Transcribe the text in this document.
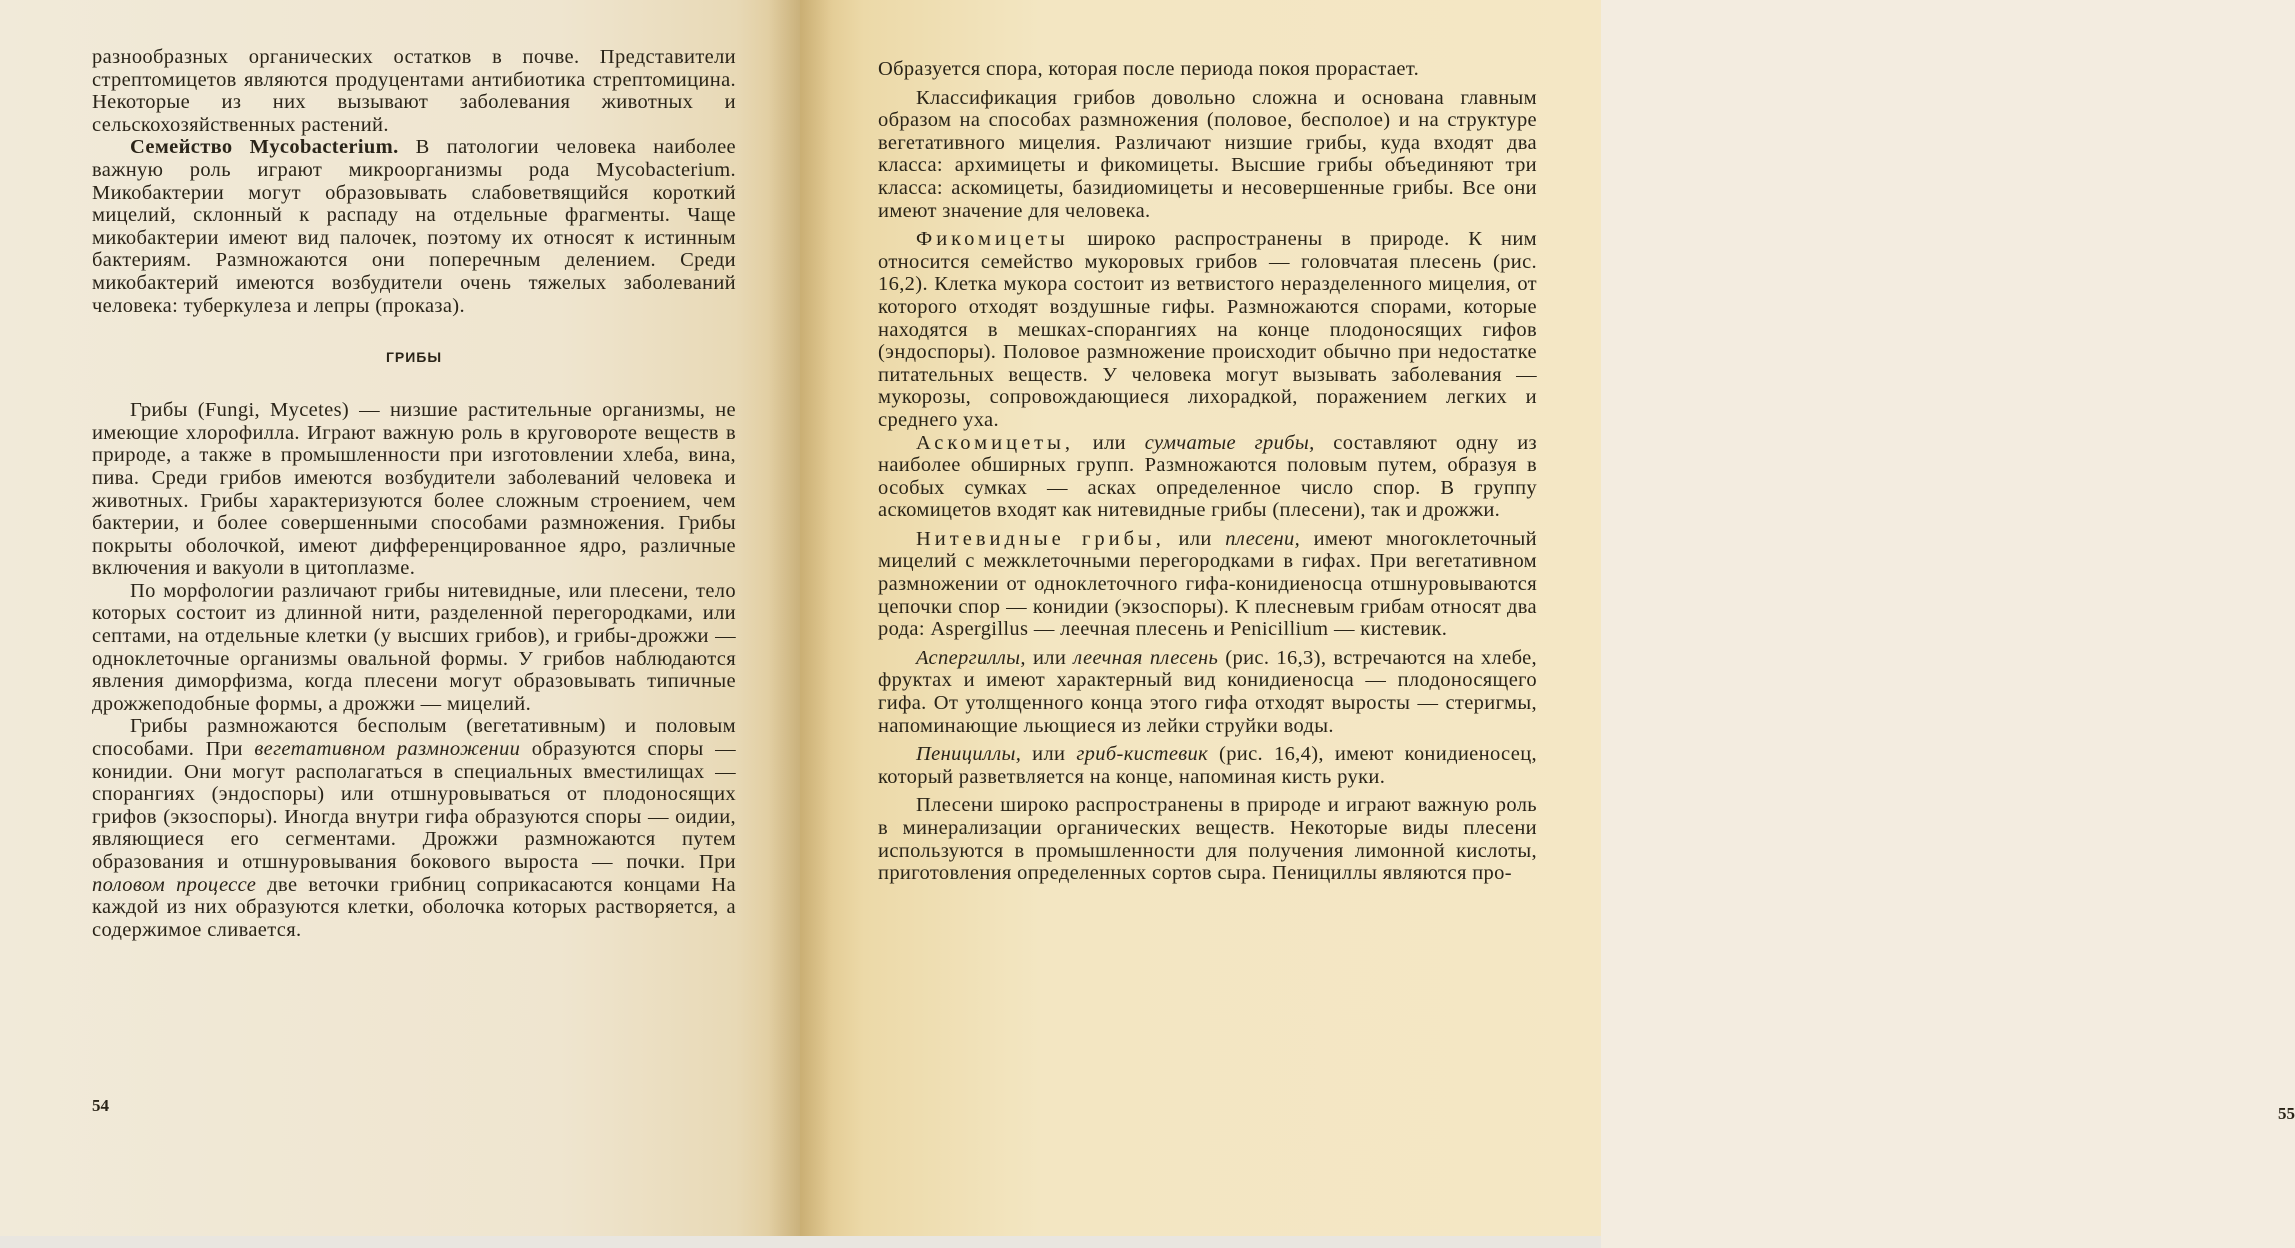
разнообразных органических остатков в почве. Представители стрептомицетов являются продуцентами антибиотика стрептомицина. Некоторые из них вызывают заболевания животных и сельскохозяйственных растений.

Семейство Mycobacterium. В патологии человека наиболее важную роль играют микроорганизмы рода Mycobacterium. Микобактерии могут образовывать слабоветвящийся короткий мицелий, склонный к распаду на отдельные фрагменты. Чаще микобактерии имеют вид палочек, поэтому их относят к истинным бактериям. Размножаются они поперечным делением. Среди микобактерий имеются возбудители очень тяжелых заболеваний человека: туберкулеза и лепры (проказа).

ГРИБЫ

Грибы (Fungi, Mycetes) — низшие растительные организмы, не имеющие хлорофилла. Играют важную роль в круговороте веществ в природе, а также в промышленности при изготовлении хлеба, вина, пива. Среди грибов имеются возбудители заболеваний человека и животных. Грибы характеризуются более сложным строением, чем бактерии, и более совершенными способами размножения. Грибы покрыты оболочкой, имеют дифференцированное ядро, различные включения и вакуоли в цитоплазме.

По морфологии различают грибы нитевидные, или плесени, тело которых состоит из длинной нити, разделенной перегородками, или септами, на отдельные клетки (у высших грибов), и грибы-дрожжи — одноклеточные организмы овальной формы. У грибов наблюдаются явления диморфизма, когда плесени могут образовывать типичные дрожжеподобные формы, а дрожжи — мицелий.

Грибы размножаются бесполым (вегетативным) и половым способами. При вегетативном размножении образуются споры — конидии. Они могут располагаться в специальных вместилищах — спорангиях (эндоспоры) или отшнуровываться от плодоносящих грифов (экзоспоры). Иногда внутри гифа образуются споры — оидии, являющиеся его сегментами. Дрожжи размножаются путем образования и отшнуровывания бокового выроста — почки. При половом процессе две веточки грибниц соприкасаются концами На каждой из них образуются клетки, оболочка которых растворяется, а содержимое сливается.

54

Образуется спора, которая после периода покоя прорастает.

Классификация грибов довольно сложна и основана главным образом на способах размножения (половое, бесполое) и на структуре вегетативного мицелия. Различают низшие грибы, куда входят два класса: архимицеты и фикомицеты. Высшие грибы объединяют три класса: аскомицеты, базидиомицеты и несовершенные грибы. Все они имеют значение для человека.

Фикомицеты широко распространены в природе. К ним относится семейство мукоровых грибов — головчатая плесень (рис. 16,2). Клетка мукора состоит из ветвистого неразделенного мицелия, от которого отходят воздушные гифы. Размножаются спорами, которые находятся в мешках-спорангиях на конце плодоносящих гифов (эндоспоры). Половое размножение происходит обычно при недостатке питательных веществ. У человека могут вызывать заболевания — мукорозы, сопровождающиеся лихорадкой, поражением легких и среднего уха.

Аскомицеты, или сумчатые грибы, составляют одну из наиболее обширных групп. Размножаются половым путем, образуя в особых сумках — асках определенное число спор. В группу аскомицетов входят как нитевидные грибы (плесени), так и дрожжи.

Нитевидные грибы, или плесени, имеют многоклеточный мицелий с межклеточными перегородками в гифах. При вегетативном размножении от одноклеточного гифа-конидиеносца отшнуровываются цепочки спор — конидии (экзоспоры). К плесневым грибам относят два рода: Aspergillus — леечная плесень и Penicillium — кистевик.

Аспергиллы, или леечная плесень (рис. 16,3), встречаются на хлебе, фруктах и имеют характерный вид конидиеносца — плодоносящего гифа. От утолщенного конца этого гифа отходят выросты — стеригмы, напоминающие льющиеся из лейки струйки воды.

Пенициллы, или гриб-кистевик (рис. 16,4), имеют конидиеносец, который разветвляется на конце, напоминая кисть руки.

Плесени широко распространены в природе и играют важную роль в минерализации органических веществ. Некоторые виды плесени используются в промышленности для получения лимонной кислоты, приготовления определенных сортов сыра. Пенициллы являются про-

55
